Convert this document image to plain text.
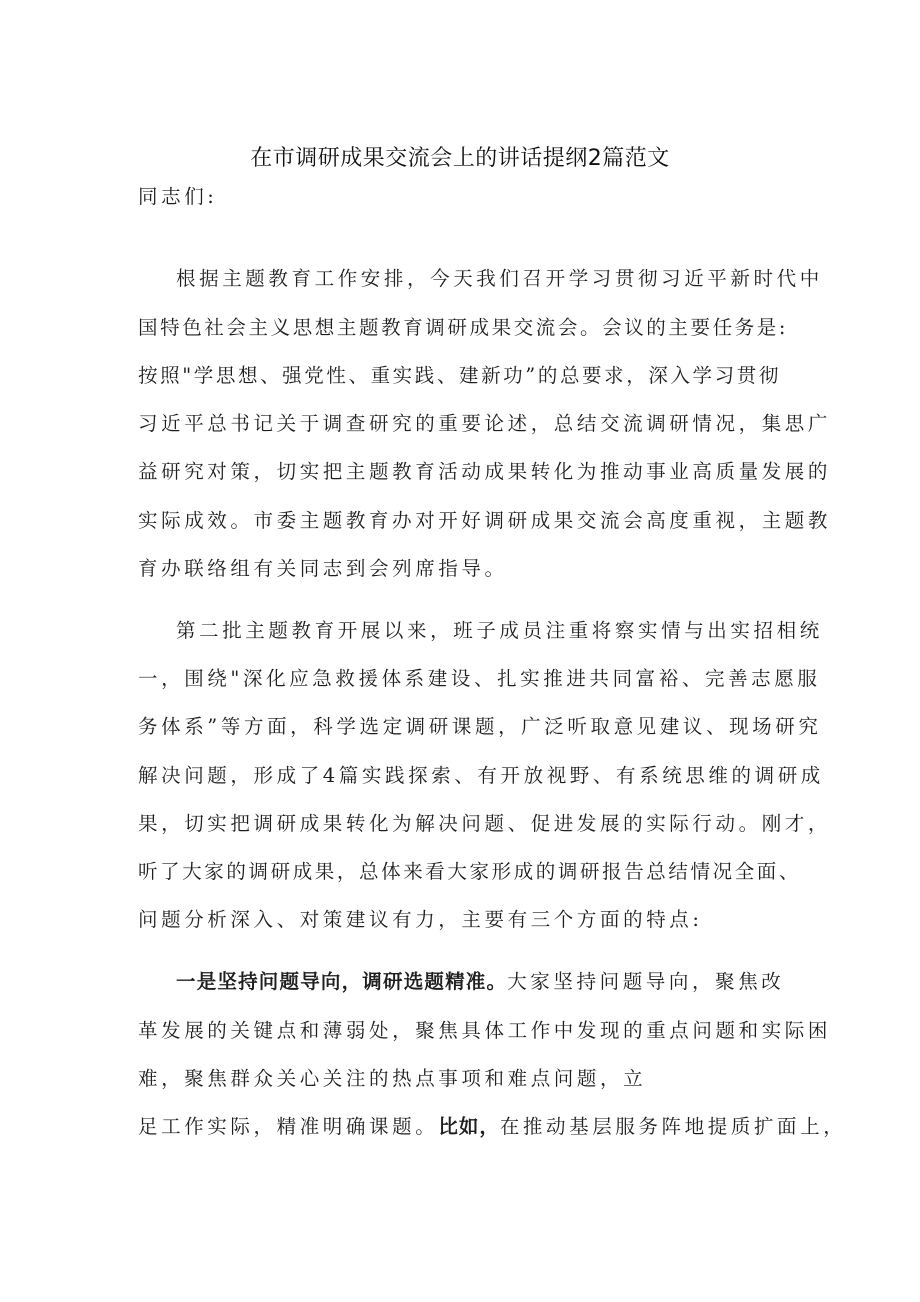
在市调研成果交流会上的讲话提纲2篇范文
同志们:
根据主题教育工作安排，今天我们召开学习贯彻习近平新时代中
国特色社会主义思想主题教育调研成果交流会。会议的主要任务是:
按照"学思想、强党性、重实践、建新功”的总要求，深入学习贯彻
习近平总书记关于调查研究的重要论述，总结交流调研情况，集思广
益研究对策，切实把主题教育活动成果转化为推动事业高质量发展的
实际成效。市委主题教育办对开好调研成果交流会高度重视，主题教
育办联络组有关同志到会列席指导。
第二批主题教育开展以来，班子成员注重将察实情与出实招相统
一，围绕"深化应急救援体系建设、扎实推进共同富裕、完善志愿服
务体系”等方面，科学选定调研课题，广泛听取意见建议、现场研究
解决问题，形成了4篇实践探索、有开放视野、有系统思维的调研成
果，切实把调研成果转化为解决问题、促进发展的实际行动。刚才，
听了大家的调研成果，总体来看大家形成的调研报告总结情况全面、
问题分析深入、对策建议有力，主要有三个方面的特点:
一是坚持问题导向，调研选题精准。大家坚持问题导向，聚焦改
革发展的关键点和薄弱处，聚焦具体工作中发现的重点问题和实际困
难，聚焦群众关心关注的热点事项和难点问题，立
足工作实际，精准明确课题。比如，在推动基层服务阵地提质扩面上，
